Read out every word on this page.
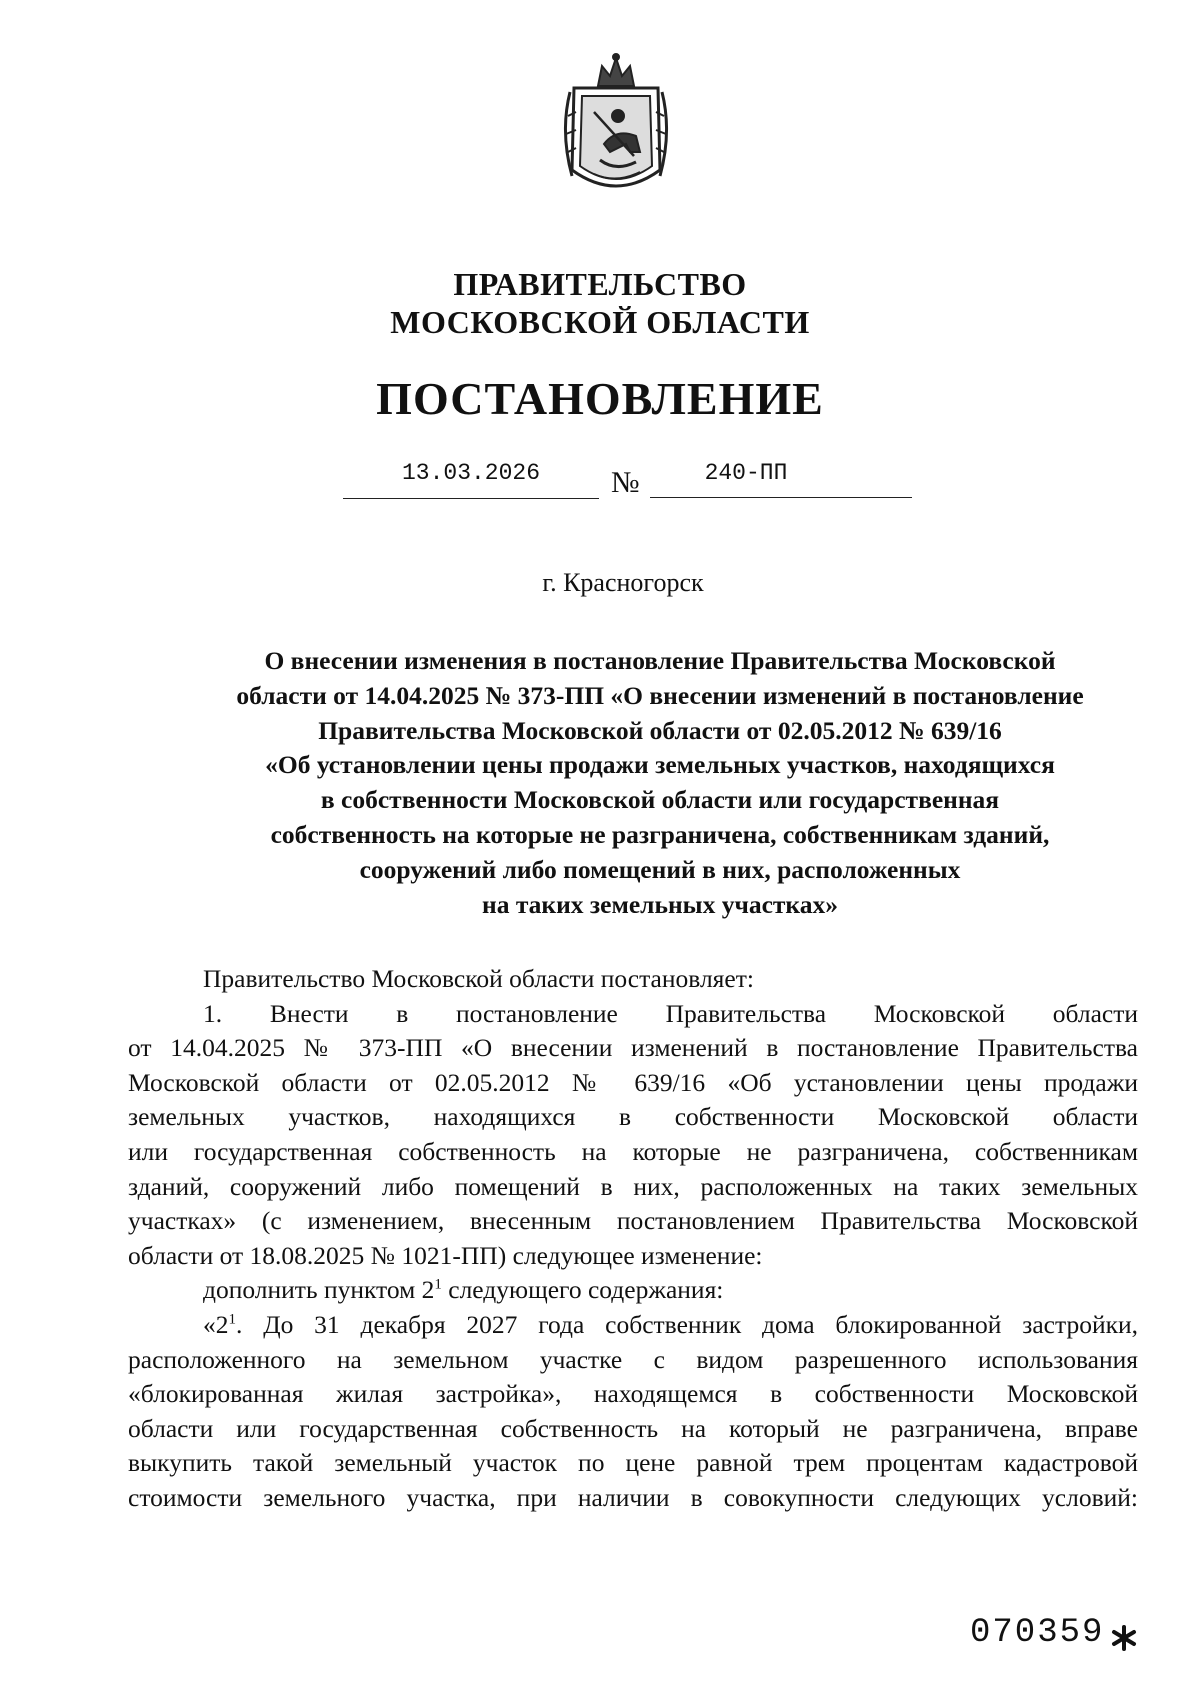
ПРАВИТЕЛЬСТВО
МОСКОВСКОЙ ОБЛАСТИ
ПОСТАНОВЛЕНИЕ
13.03.2026	№	240-ПП
г. Красногорск
О внесении изменения в постановление Правительства Московской
области от 14.04.2025 № 373-ПП «О внесении изменений в постановление
Правительства Московской области от 02.05.2012 № 639/16
«Об установлении цены продажи земельных участков, находящихся
в собственности Московской области или государственная
собственность на которые не разграничена, собственникам зданий,
сооружений либо помещений в них, расположенных
на таких земельных участках»

Правительство Московской области постановляет:

1. Внести в постановление Правительства Московской области

от 14.04.2025 № 373-ПП «О внесении изменений в постановление Правительства

Московской области от 02.05.2012 № 639/16 «Об установлении цены продажи

земельных участков, находящихся в собственности Московской области

или государственная собственность на которые не разграничена, собственникам

зданий, сооружений либо помещений в них, расположенных на таких земельных

участках» (с изменением, внесенным постановлением Правительства Московской

области от 18.08.2025 № 1021-ПП) следующее изменение:

дополнить пунктом $2^1$ следующего содержания:

«$2^1$. До 31 декабря 2027 года собственник дома блокированной застройки,

расположенного на земельном участке с видом разрешенного использования

«блокированная жилая застройка», находящемся в собственности Московской

области или государственная собственность на который не разграничена, вправе

выкупить такой земельный участок по цене равной трем процентам кадастровой

стоимости земельного участка, при наличии в совокупности следующих условий:

070359
